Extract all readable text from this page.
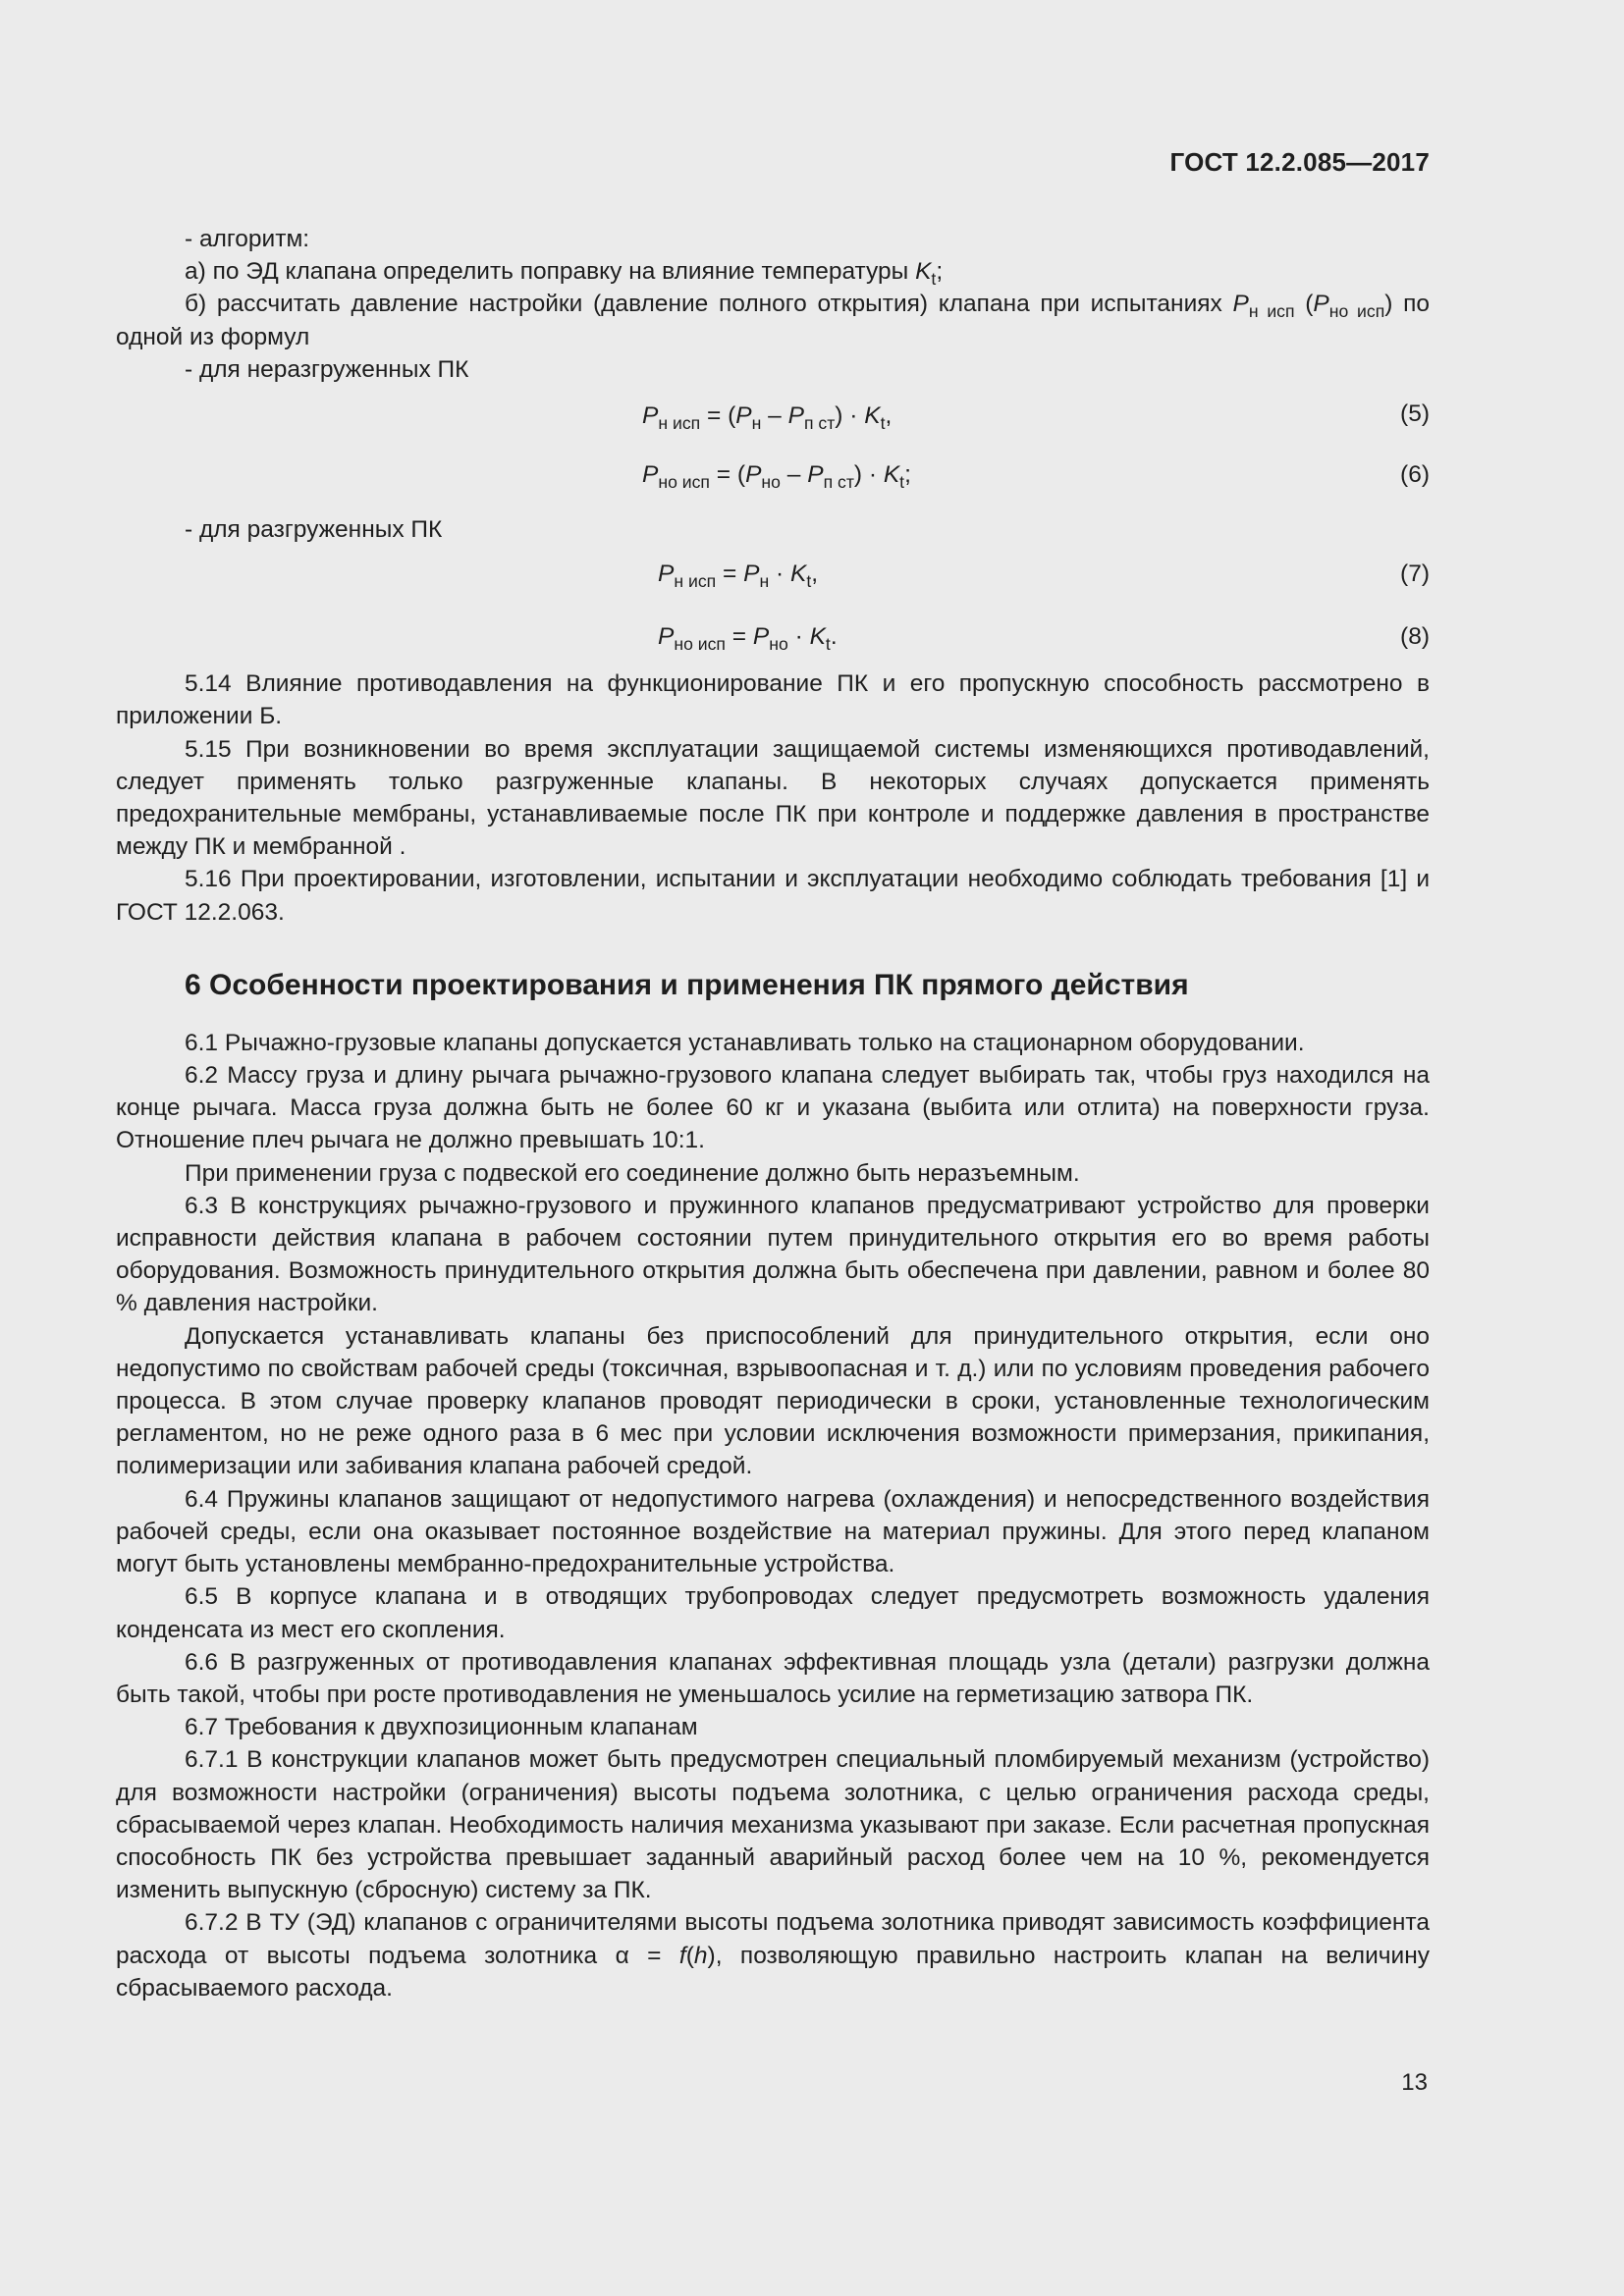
ГОСТ 12.2.085—2017

- алгоритм:

а) по ЭД клапана определить поправку на влияние температуры $K_t$;

б) рассчитать давление настройки (давление полного открытия) клапана при испытаниях $P_{н исп}$ $(P_{но исп})$ по одной из формул

- для неразгруженных ПК

$P_{н исп} = (P_н - P_{п ст}) \cdot K_t$,	(5)
$P_{но исп} = (P_{но} - P_{п ст}) \cdot K_t$;	(6)

- для разгруженных ПК

$P_{н исп} = P_н \cdot K_t$,	(7)
$P_{но исп} = P_{но} \cdot K_t$.	(8)

5.14 Влияние противодавления на функционирование ПК и его пропускную способность рассмотрено в приложении Б.

5.15 При возникновении во время эксплуатации защищаемой системы изменяющихся противодавлений, следует применять только разгруженные клапаны. В некоторых случаях допускается применять предохранительные мембраны, устанавливаемые после ПК при контроле и поддержке давления в пространстве между ПК и мембранной .

5.16 При проектировании, изготовлении, испытании и эксплуатации необходимо соблюдать требования [1] и ГОСТ 12.2.063.

6 Особенности проектирования и применения ПК прямого действия

6.1 Рычажно-грузовые клапаны допускается устанавливать только на стационарном оборудовании.

6.2 Массу груза и длину рычага рычажно-грузового клапана следует выбирать так, чтобы груз находился на конце рычага. Масса груза должна быть не более 60 кг и указана (выбита или отлита) на поверхности груза. Отношение плеч рычага не должно превышать 10:1.

При применении груза с подвеской его соединение должно быть неразъемным.

6.3 В конструкциях рычажно-грузового и пружинного клапанов предусматривают устройство для проверки исправности действия клапана в рабочем состоянии путем принудительного открытия его во время работы оборудования. Возможность принудительного открытия должна быть обеспечена при давлении, равном и более 80 % давления настройки.

Допускается устанавливать клапаны без приспособлений для принудительного открытия, если оно недопустимо по свойствам рабочей среды (токсичная, взрывоопасная и т. д.) или по условиям проведения рабочего процесса. В этом случае проверку клапанов проводят периодически в сроки, установленные технологическим регламентом, но не реже одного раза в 6 мес при условии исключения возможности примерзания, прикипания, полимеризации или забивания клапана рабочей средой.

6.4 Пружины клапанов защищают от недопустимого нагрева (охлаждения) и непосредственного воздействия рабочей среды, если она оказывает постоянное воздействие на материал пружины. Для этого перед клапаном могут быть установлены мембранно-предохранительные устройства.

6.5 В корпусе клапана и в отводящих трубопроводах следует предусмотреть возможность удаления конденсата из мест его скопления.

6.6 В разгруженных от противодавления клапанах эффективная площадь узла (детали) разгрузки должна быть такой, чтобы при росте противодавления не уменьшалось усилие на герметизацию затвора ПК.

6.7 Требования к двухпозиционным клапанам

6.7.1 В конструкции клапанов может быть предусмотрен специальный пломбируемый механизм (устройство) для возможности настройки (ограничения) высоты подъема золотника, с целью ограничения расхода среды, сбрасываемой через клапан. Необходимость наличия механизма указывают при заказе. Если расчетная пропускная способность ПК без устройства превышает заданный аварийный расход более чем на 10 %, рекомендуется изменить выпускную (сбросную) систему за ПК.

6.7.2 В ТУ (ЭД) клапанов с ограничителями высоты подъема золотника приводят зависимость коэффициента расхода от высоты подъема золотника α = f(h), позволяющую правильно настроить клапан на величину сбрасываемого расхода.

13
